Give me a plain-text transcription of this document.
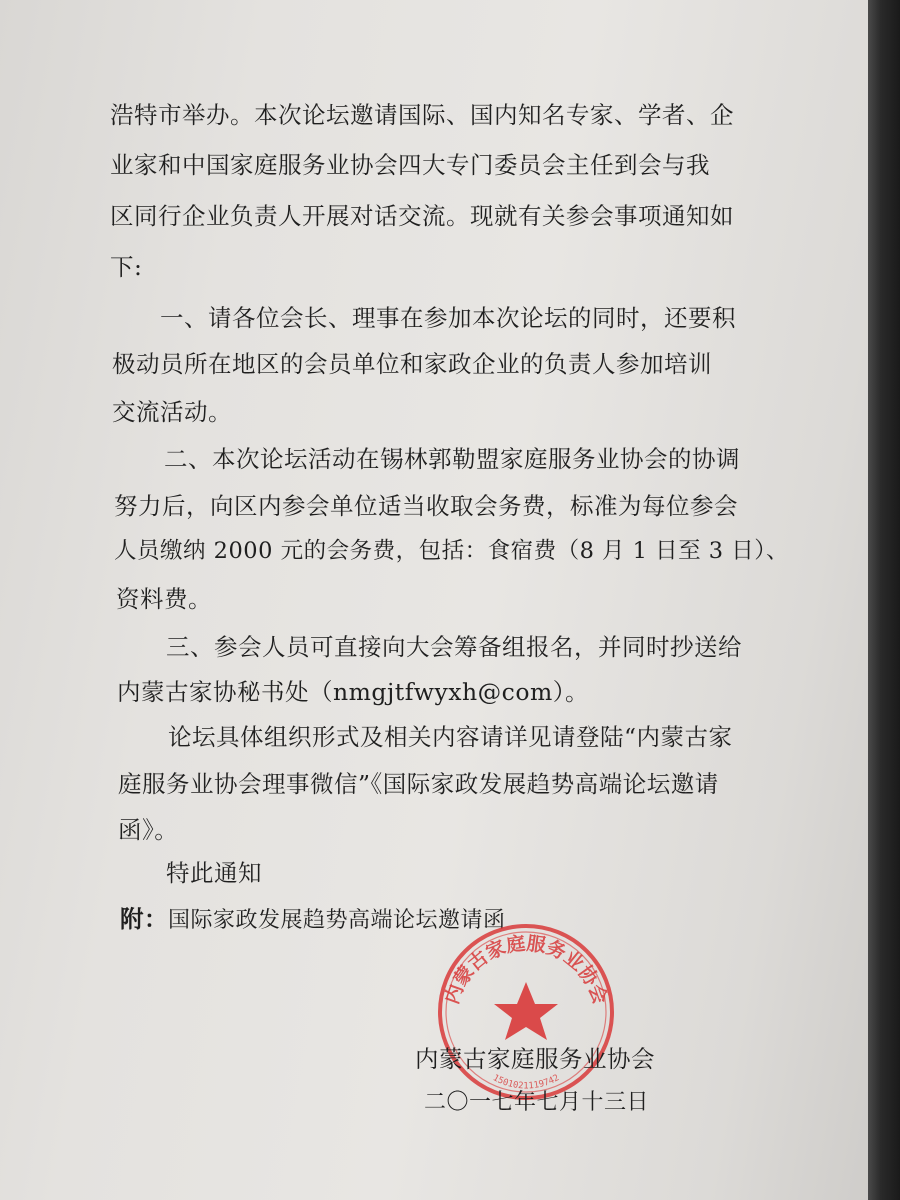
浩特市举办。本次论坛邀请国际、国内知名专家、学者、企
业家和中国家庭服务业协会四大专门委员会主任到会与我
区同行企业负责人开展对话交流。现就有关参会事项通知如
下:
一、请各位会长、理事在参加本次论坛的同时，还要积
极动员所在地区的会员单位和家政企业的负责人参加培训
交流活动。
二、本次论坛活动在锡林郭勒盟家庭服务业协会的协调
努力后，向区内参会单位适当收取会务费，标准为每位参会
人员缴纳 2000 元的会务费，包括：食宿费（8 月 1 日至 3 日）、
资料费。
三、参会人员可直接向大会筹备组报名，并同时抄送给
内蒙古家协秘书处（nmgjtfwyxh@com）。
论坛具体组织形式及相关内容请详见请登陆“内蒙古家
庭服务业协会理事微信”《国际家政发展趋势高端论坛邀请
函》。
特此通知
附：国际家政发展趋势高端论坛邀请函
内蒙古家庭服务业协会
1501021119742
内蒙古家庭服务业协会
二〇一七年七月十三日
